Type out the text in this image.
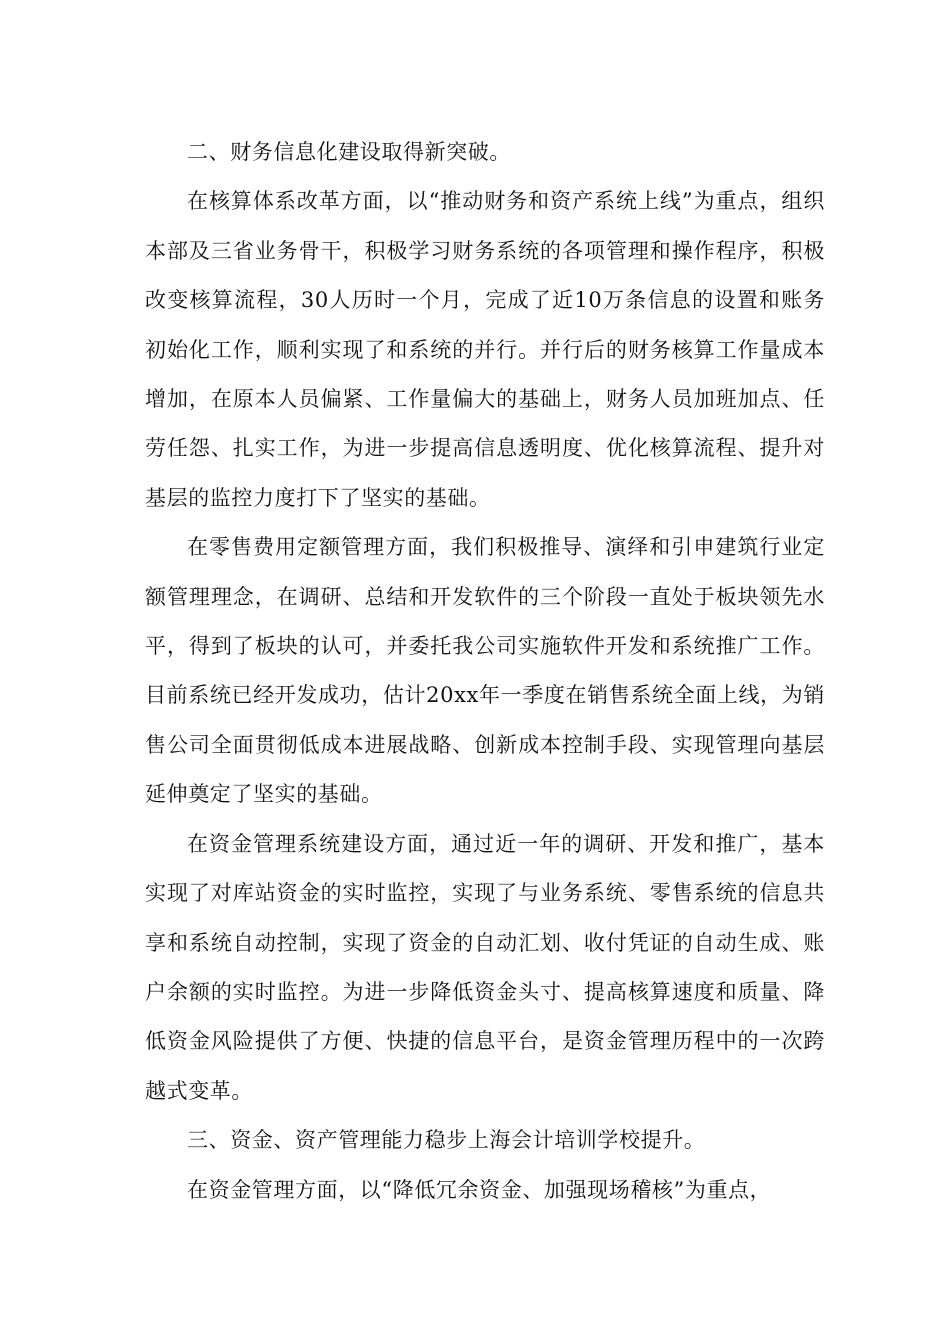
二、财务信息化建设取得新突破。

在核算体系改革方面，以“推动财务和资产系统上线”为重点，组织本部及三省业务骨干，积极学习财务系统的各项管理和操作程序，积极改变核算流程，30人历时一个月，完成了近10万条信息的设置和账务初始化工作，顺利实现了和系统的并行。并行后的财务核算工作量成本增加，在原本人员偏紧、工作量偏大的基础上，财务人员加班加点、任劳任怨、扎实工作，为进一步提高信息透明度、优化核算流程、提升对基层的监控力度打下了坚实的基础。

在零售费用定额管理方面，我们积极推导、演绎和引申建筑行业定额管理理念，在调研、总结和开发软件的三个阶段一直处于板块领先水平，得到了板块的认可，并委托我公司实施软件开发和系统推广工作。目前系统已经开发成功，估计20xx年一季度在销售系统全面上线，为销售公司全面贯彻低成本进展战略、创新成本控制手段、实现管理向基层延伸奠定了坚实的基础。

在资金管理系统建设方面，通过近一年的调研、开发和推广，基本实现了对库站资金的实时监控，实现了与业务系统、零售系统的信息共享和系统自动控制，实现了资金的自动汇划、收付凭证的自动生成、账户余额的实时监控。为进一步降低资金头寸、提高核算速度和质量、降低资金风险提供了方便、快捷的信息平台，是资金管理历程中的一次跨越式变革。

三、资金、资产管理能力稳步上海会计培训学校提升。

在资金管理方面，以“降低冗余资金、加强现场稽核”为重点，
